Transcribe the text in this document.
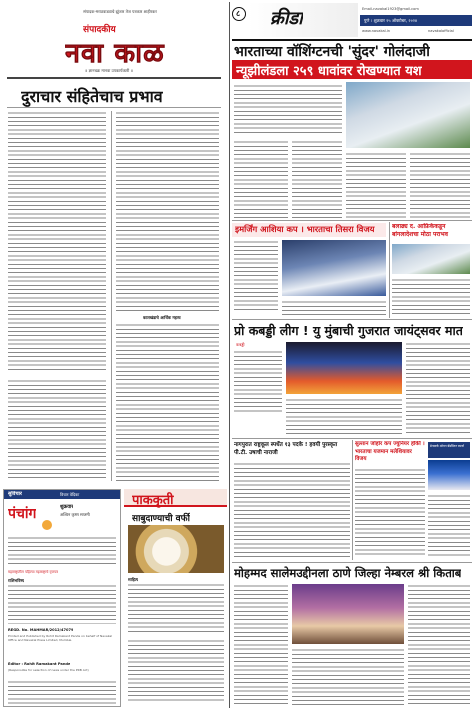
संपादक-मराठवाड्याचे झुंजार तेज पत्रकार शाहीरकर
संपादकीय
नवा काळ
॥ ज्ञानचक्र मानवा उपकार्यकारी ॥
दुराचार संहितेचाच प्रभाव
कालखंडाचे आर्थिक महत्त्व
सुविचार	विचार वेदिका
पंचांग	शुक्रवार
अश्विन कृष्ण सप्तमी
महाराष्ट्रातील पहिल्या महाराष्ट्राचे वृत्तपत्र
राशिभविष्य
REGD. No. MAHMAR/2012/47079
Printed and Published by Rohit Ramakant Pande on behalf of Navakal Office and Navakal Press Limited, Mumbai.
Editor : Rohit Ramakant Pande
(Responsible for selection of news under the PRB Act)
पाककृती
साबुदाण्याची वर्फी
साहित्य
८ क्रीडा	Email-navakal1923@gmail.com
पुणे । शुक्रवार २५ ऑक्टोबर, २०२४
www.navakal.in	navakalofficial
भारताच्या वॉशिंग्टनची 'सुंदर' गोलंदाजी
न्यूझीलंडला २५९ धावांवर रोखण्यात यश
इमर्जिंग आशिया कप । भारताचा तिसरा विजय	बलाढ्य द. आफ्रिकेकडून बांगलादेशचा मोठा पराभव
प्रो कबड्डी लीग ! यु मुंबाची गुजरात जायंट्सवर मात
कबड्डी
नागपुरात राष्ट्रकूल स्पर्धेत १३ पदके ! हवयी पुरस्कृत पी.टी. उषाची नाराजी
सुल्तान जोहोर कप ज्युनियर हॉकी । भारताचा यजमान मलेशियावर विजय
डेनमार्क ओपन बॅडमिंटन स्पर्धा
मोहम्मद सालेमउद्दीनला ठाणे जिल्हा नेम्बरल श्री किताब
